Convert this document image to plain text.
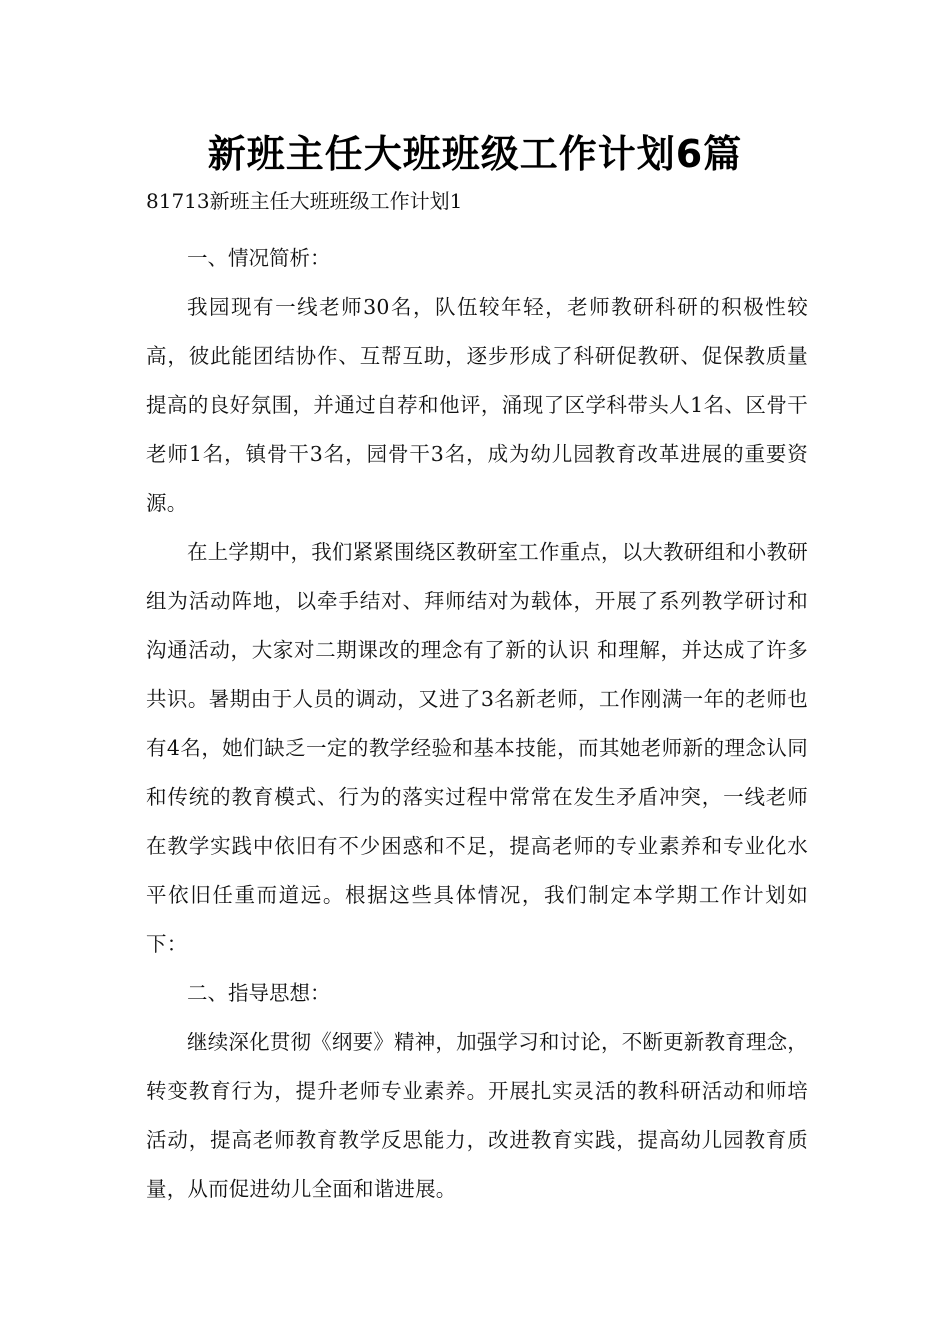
新班主任大班班级工作计划6篇

81713新班主任大班班级工作计划1

一、情况简析：

我园现有一线老师30名，队伍较年轻，老师教研科研的积极性较高，彼此能团结协作、互帮互助，逐步形成了科研促教研、促保教质量提高的良好氛围，并通过自荐和他评，涌现了区学科带头人1名、区骨干老师1名，镇骨干3名，园骨干3名，成为幼儿园教育改革进展的重要资源。

在上学期中，我们紧紧围绕区教研室工作重点，以大教研组和小教研组为活动阵地，以牵手结对、拜师结对为载体，开展了系列教学研讨和沟通活动，大家对二期课改的理念有了新的认识 和理解，并达成了许多共识。暑期由于人员的调动，又进了3名新老师，工作刚满一年的老师也有4名，她们缺乏一定的教学经验和基本技能，而其她老师新的理念认同和传统的教育模式、行为的落实过程中常常在发生矛盾冲突，一线老师在教学实践中依旧有不少困惑和不足，提高老师的专业素养和专业化水平依旧任重而道远。根据这些具体情况，我们制定本学期工作计划如下：

二、指导思想：

继续深化贯彻《纲要》精神，加强学习和讨论，不断更新教育理念，转变教育行为，提升老师专业素养。开展扎实灵活的教科研活动和师培活动，提高老师教育教学反思能力，改进教育实践，提高幼儿园教育质量，从而促进幼儿全面和谐进展。
